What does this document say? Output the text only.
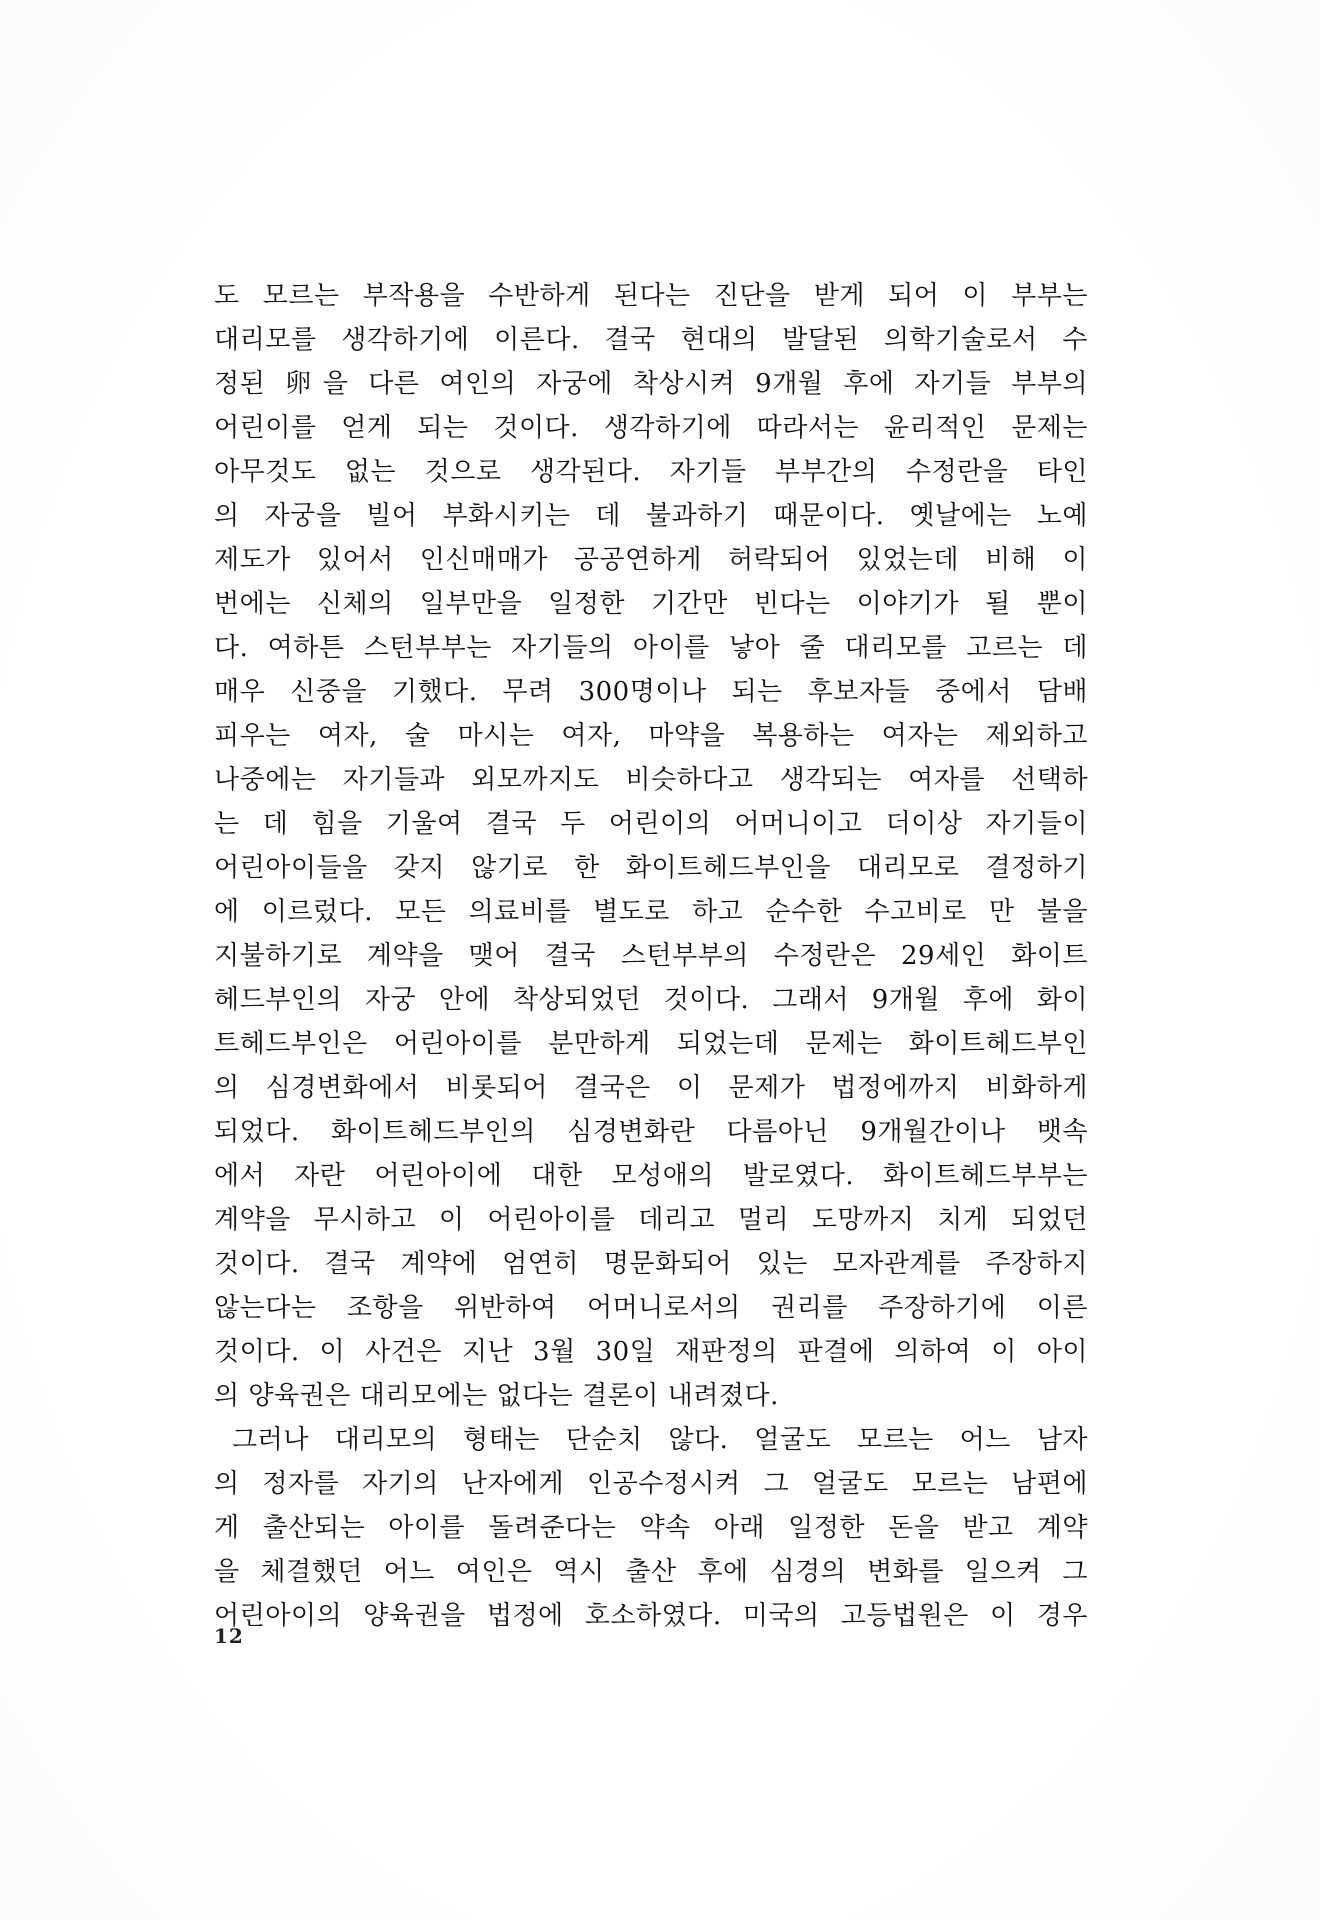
도 모르는 부작용을 수반하게 된다는 진단을 받게 되어 이 부부는
대리모를 생각하기에 이른다. 결국 현대의 발달된 의학기술로서 수
정된 卵을 다른 여인의 자궁에 착상시켜 9개월 후에 자기들 부부의
어린이를 얻게 되는 것이다. 생각하기에 따라서는 윤리적인 문제는
아무것도 없는 것으로 생각된다. 자기들 부부간의 수정란을 타인
의 자궁을 빌어 부화시키는 데 불과하기 때문이다. 옛날에는 노예
제도가 있어서 인신매매가 공공연하게 허락되어 있었는데 비해 이
번에는 신체의 일부만을 일정한 기간만 빈다는 이야기가 될 뿐이
다. 여하튼 스턴부부는 자기들의 아이를 낳아 줄 대리모를 고르는 데
매우 신중을 기했다. 무려 300명이나 되는 후보자들 중에서 담배
피우는 여자, 술 마시는 여자, 마약을 복용하는 여자는 제외하고
나중에는 자기들과 외모까지도 비슷하다고 생각되는 여자를 선택하
는 데 힘을 기울여 결국 두 어린이의 어머니이고 더이상 자기들이
어린아이들을 갖지 않기로 한 화이트헤드부인을 대리모로 결정하기
에 이르렀다. 모든 의료비를 별도로 하고 순수한 수고비로 만 불을
지불하기로 계약을 맺어 결국 스턴부부의 수정란은 29세인 화이트
헤드부인의 자궁 안에 착상되었던 것이다. 그래서 9개월 후에 화이
트헤드부인은 어린아이를 분만하게 되었는데 문제는 화이트헤드부인
의 심경변화에서 비롯되어 결국은 이 문제가 법정에까지 비화하게
되었다. 화이트헤드부인의 심경변화란 다름아닌 9개월간이나 뱃속
에서 자란 어린아이에 대한 모성애의 발로였다. 화이트헤드부부는
계약을 무시하고 이 어린아이를 데리고 멀리 도망까지 치게 되었던
것이다. 결국 계약에 엄연히 명문화되어 있는 모자관계를 주장하지
않는다는 조항을 위반하여 어머니로서의 권리를 주장하기에 이른
것이다. 이 사건은 지난 3월 30일 재판정의 판결에 의하여 이 아이
의 양육권은 대리모에는 없다는 결론이 내려졌다.
그러나 대리모의 형태는 단순치 않다. 얼굴도 모르는 어느 남자
의 정자를 자기의 난자에게 인공수정시켜 그 얼굴도 모르는 남편에
게 출산되는 아이를 돌려준다는 약속 아래 일정한 돈을 받고 계약
을 체결했던 어느 여인은 역시 출산 후에 심경의 변화를 일으켜 그
어린아이의 양육권을 법정에 호소하였다. 미국의 고등법원은 이 경우
12
